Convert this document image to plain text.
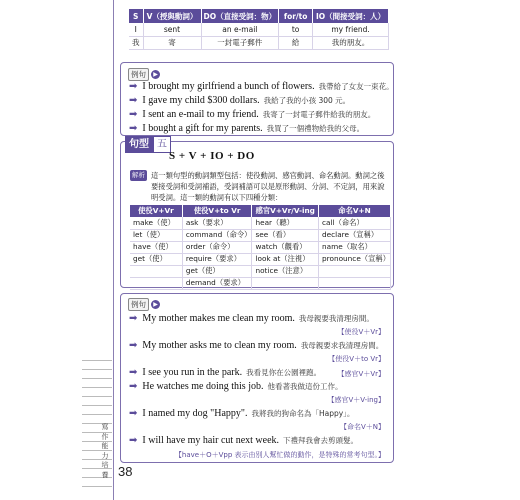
S	V（授與動詞）	DO（直接受詞：物）	for/to	IO（間接受詞：人）
I	sent	an e-mail	to	my friend.
我	寄	一封電子郵件	給	我的朋友。
例句	▶
➡ I brought my girlfriend a bunch of flowers. 我帶給了女友一束花。
➡ I gave my child $300 dollars. 我給了我的小孩 300 元。
➡ I sent an e-mail to my friend. 我寄了一封電子郵件給我的朋友。
➡ I bought a gift for my parents. 我買了一個禮物給我的父母。
句型 五
S + V + IO + DO
解析 這一類句型的動詞類型包括：使役動詞、感官動詞、命名動詞。動詞之後要接受詞和受詞補語，受詞補語可以是原形動詞、分詞、不定詞，用來說明受詞。這一類的動詞有以下四種分類：
使役V+Vr	使役V+to Vr	感官V+Vr/V-ing	命名V+N
make（使）	ask（要求）	hear（聽）	call（命名）
let（使）	command（命令）	see（看）	declare（宣稱）
have（使）	order（命令）	watch（觀看）	name（取名）
get（使）	require（要求）	look at（注視）	pronounce（宣稱）
	get（使）	notice（注意）	
	demand（要求）		
例句	▶
➡ My mother makes me clean my room. 我母親要我清理房間。
【使役V＋Vr】
➡ My mother asks me to clean my room. 我母親要求我清理房間。
【使役V＋to Vr】
➡ I see you run in the park. 我看見你在公園裡跑。 【感官V＋Vr】
➡ He watches me doing this job. 他看著我做這份工作。
【感官V＋V-ing】
➡ I named my dog "Happy". 我將我的狗命名為「Happy」。
【命名V＋N】
➡ I will have my hair cut next week. 下禮拜我會去剪頭髮。
【have＋O＋Vpp 表示由別人幫忙做的動作，是特殊的常考句型。】
寫作能力培養 38
